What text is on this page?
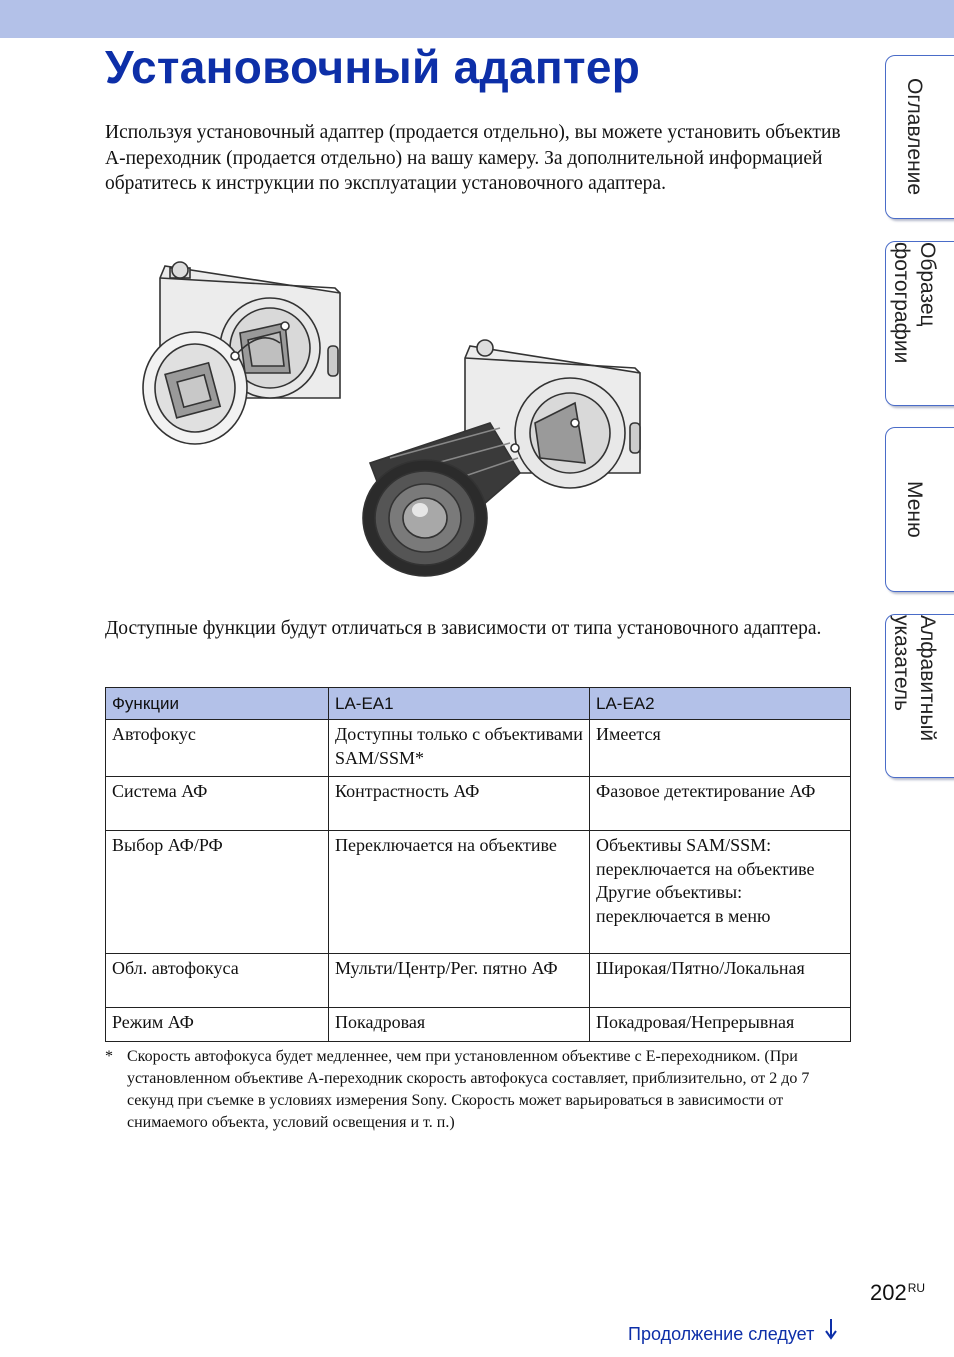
Установочный адаптер

Используя установочный адаптер (продается отдельно), вы можете установить объектив A-переходник (продается отдельно) на вашу камеру. За дополнительной информацией обратитесь к инструкции по эксплуатации установочного адаптера.

Доступные функции будут отличаться в зависимости от типа установочного адаптера.

Функции	LA-EA1	LA-EA2
Автофокус	Доступны только с объективами SAM/SSM*	Имеется
Система АФ	Контрастность АФ	Фазовое детектирование АФ
Выбор АФ/РФ	Переключается на объективе	Объективы SAM/SSM: переключается на объективе
Другие объективы: переключается в меню
Обл. автофокуса	Мульти/Центр/Рег. пятно АФ	Широкая/Пятно/Локальная
Режим АФ	Покадровая	Покадровая/Непрерывная
* Скорость автофокуса будет медленнее, чем при установленном объективе с E-переходником. (При установленном объективе A-переходник скорость автофокуса составляет, приблизительно, от 2 до 7 секунд при съемке в условиях измерения Sony. Скорость может варьироваться в зависимости от снимаемого объекта, условий освещения и т. п.)
Оглавление
Образец фотографии
Меню
Алфавитный указатель
$202^{RU}$
Продолжение следует
